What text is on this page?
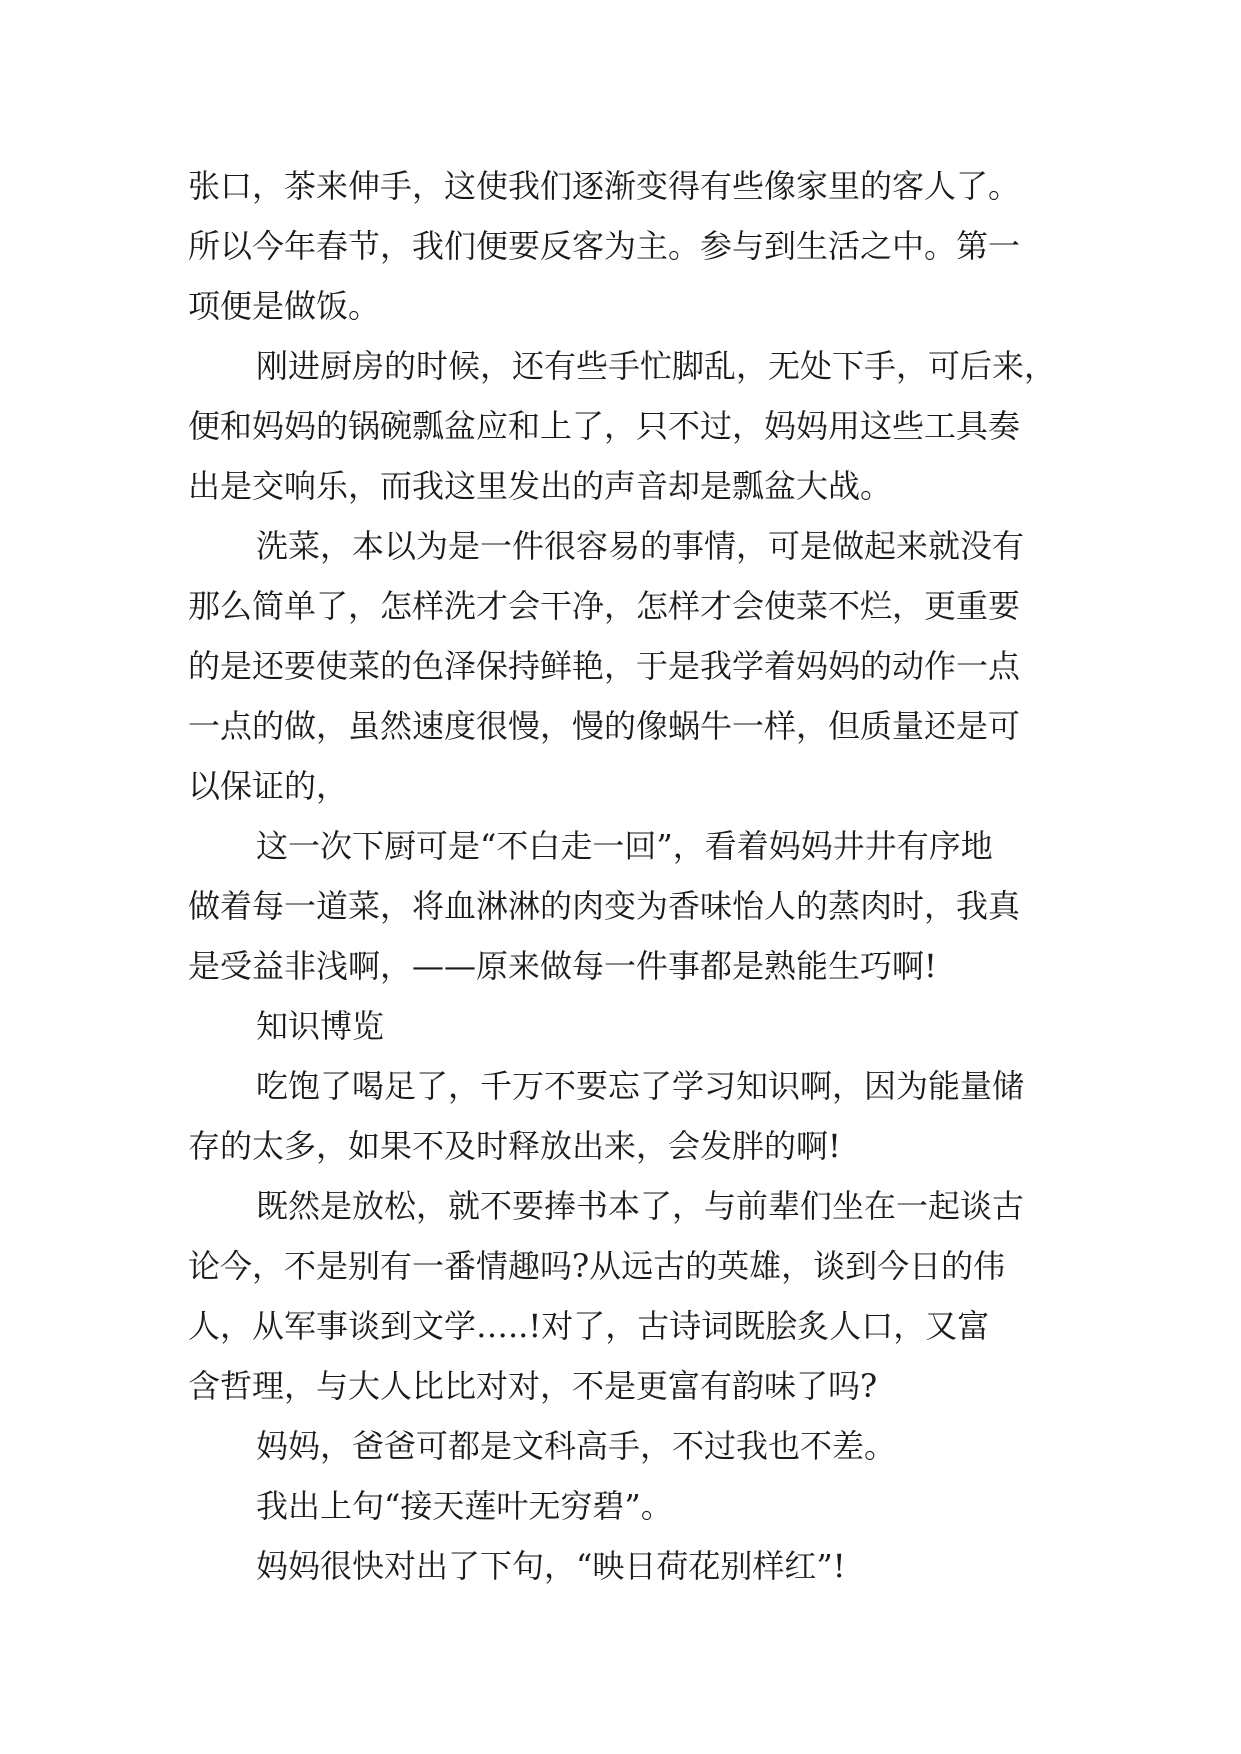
张口，茶来伸手，这使我们逐渐变得有些像家里的客人了。
所以今年春节，我们便要反客为主。参与到生活之中。第一
项便是做饭。
刚进厨房的时候，还有些手忙脚乱，无处下手，可后来，
便和妈妈的锅碗瓢盆应和上了，只不过，妈妈用这些工具奏
出是交响乐，而我这里发出的声音却是瓢盆大战。
洗菜，本以为是一件很容易的事情，可是做起来就没有
那么简单了，怎样洗才会干净，怎样才会使菜不烂，更重要
的是还要使菜的色泽保持鲜艳，于是我学着妈妈的动作一点
一点的做，虽然速度很慢，慢的像蜗牛一样，但质量还是可
以保证的，
这一次下厨可是“不白走一回”，看着妈妈井井有序地
做着每一道菜，将血淋淋的肉变为香味怡人的蒸肉时，我真
是受益非浅啊，——原来做每一件事都是熟能生巧啊!
知识博览
吃饱了喝足了，千万不要忘了学习知识啊，因为能量储
存的太多，如果不及时释放出来，会发胖的啊!
既然是放松，就不要捧书本了，与前辈们坐在一起谈古
论今，不是别有一番情趣吗?从远古的英雄，谈到今日的伟
人，从军事谈到文学…..!对了，古诗词既脍炙人口，又富
含哲理，与大人比比对对，不是更富有韵味了吗?
妈妈，爸爸可都是文科高手，不过我也不差。
我出上句“接天莲叶无穷碧”。
妈妈很快对出了下句，“映日荷花别样红”!
